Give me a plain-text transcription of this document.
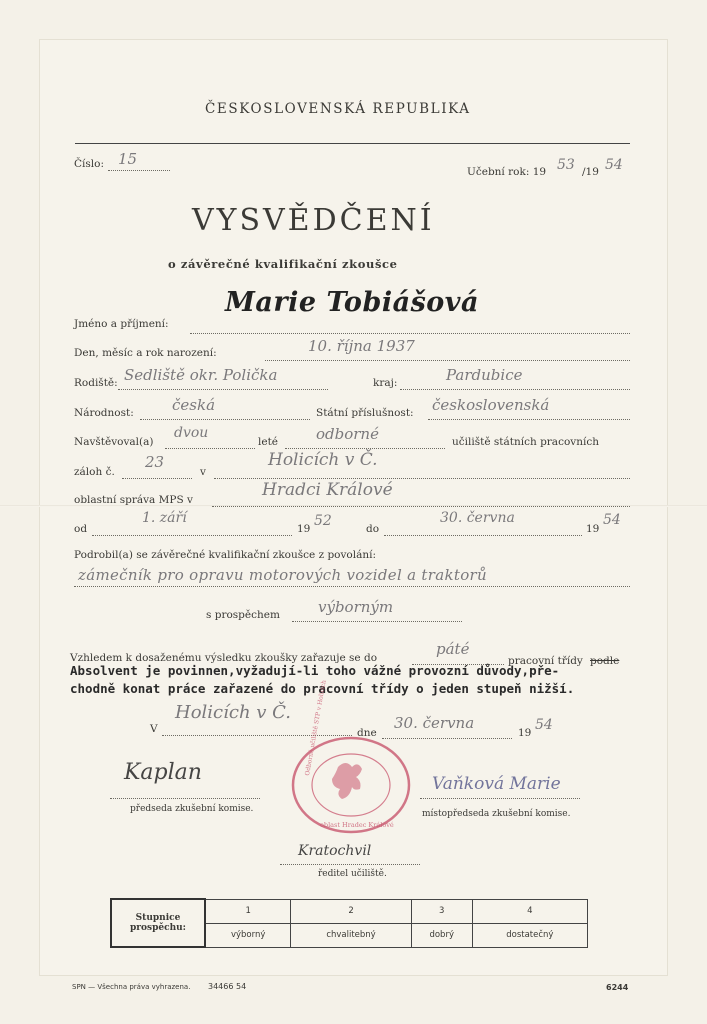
ČESKOSLOVENSKÁ REPUBLIKA
Číslo: 15
Učební rok: 19 53 /19 54
VYSVĚDČENÍ
o závěrečné kvalifikační zkoušce
Jméno a příjmení:
Marie Tobiášová
Den, měsíc a rok narození:	10. října 1937
Rodiště: Sedliště okr. Polička	kraj:	Pardubice
Národnost:	česká	Státní příslušnost: československá
Navštěvoval(a)
dvou
leté	odborné	učiliště státních pracovních
záloh č.
23
v
Holicích v Č.
oblastní správa MPS v	Hradci Králové
od
1. září
19 52	do
30. června
19
54
Podrobil(a) se závěrečné kvalifikační zkoušce z povolání:
zámečník pro opravu motorových vozidel a traktorů
s prospěchem	výborným
Vzhledem k dosaženému výsledku zkoušky zařazuje se do	páté
pracovní třídy podle
Absolvent je povinnen,vyžadují-li toho vážné provozní důvody,pře-
chodně konat práce zařazené do pracovní třídy o jeden stupeň nižší.
V
Holicích v Č.
dne
30. června
19 54
Kaplan
předseda zkušební komise.
Vaňková Marie
místopředseda zkušební komise.
Odborné učiliště STP v Holicích
oblast Hradec Králové
Kratochvil
ředitel učiliště.
Stupnice prospěchu:	1	2	3	4
	výborný	chvalitebný	dobrý	dostatečný
SPN — Všechna práva vyhrazena. 34466 54	6244
